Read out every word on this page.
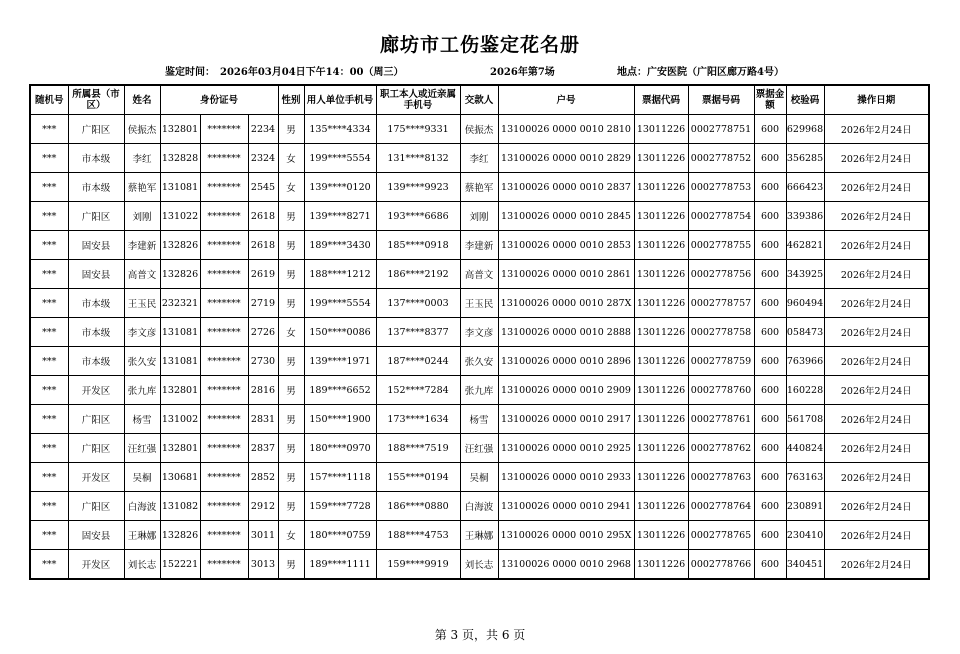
廊坊市工伤鉴定花名册
鉴定时间：　2026年03月04日下午14：00（周三）	2026年第7场	地点：广安医院（广阳区廊万路4号）
随机号	所属县（市区）	姓名	身份证号			性别	用人单位手机号	职工本人或近亲属手机号	交款人	户号	票据代码	票据号码	票据金额	校验码	操作日期
***	广阳区	侯振杰	132801	*******	2234	男	135****4334	175****9331	侯振杰	13100026 0000 0010 2810	13011226	0002778751	600	629968	2026年2月24日
***	市本级	李红	132828	*******	2324	女	199****5554	131****8132	李红	13100026 0000 0010 2829	13011226	0002778752	600	356285	2026年2月24日
***	市本级	蔡艳军	131081	*******	2545	女	139****0120	139****9923	蔡艳军	13100026 0000 0010 2837	13011226	0002778753	600	666423	2026年2月24日
***	广阳区	刘刚	131022	*******	2618	男	139****8271	193****6686	刘刚	13100026 0000 0010 2845	13011226	0002778754	600	339386	2026年2月24日
***	固安县	李建新	132826	*******	2618	男	189****3430	185****0918	李建新	13100026 0000 0010 2853	13011226	0002778755	600	462821	2026年2月24日
***	固安县	高普文	132826	*******	2619	男	188****1212	186****2192	高普文	13100026 0000 0010 2861	13011226	0002778756	600	343925	2026年2月24日
***	市本级	王玉民	232321	*******	2719	男	199****5554	137****0003	王玉民	13100026 0000 0010 287X	13011226	0002778757	600	960494	2026年2月24日
***	市本级	李文彦	131081	*******	2726	女	150****0086	137****8377	李文彦	13100026 0000 0010 2888	13011226	0002778758	600	058473	2026年2月24日
***	市本级	张久安	131081	*******	2730	男	139****1971	187****0244	张久安	13100026 0000 0010 2896	13011226	0002778759	600	763966	2026年2月24日
***	开发区	张九库	132801	*******	2816	男	189****6652	152****7284	张九库	13100026 0000 0010 2909	13011226	0002778760	600	160228	2026年2月24日
***	广阳区	杨雪	131002	*******	2831	男	150****1900	173****1634	杨雪	13100026 0000 0010 2917	13011226	0002778761	600	561708	2026年2月24日
***	广阳区	汪红强	132801	*******	2837	男	180****0970	188****7519	汪红强	13100026 0000 0010 2925	13011226	0002778762	600	440824	2026年2月24日
***	开发区	吴桐	130681	*******	2852	男	157****1118	155****0194	吴桐	13100026 0000 0010 2933	13011226	0002778763	600	763163	2026年2月24日
***	广阳区	白海波	131082	*******	2912	男	159****7728	186****0880	白海波	13100026 0000 0010 2941	13011226	0002778764	600	230891	2026年2月24日
***	固安县	王琳娜	132826	*******	3011	女	180****0759	188****4753	王琳娜	13100026 0000 0010 295X	13011226	0002778765	600	230410	2026年2月24日
***	开发区	刘长志	152221	*******	3013	男	189****1111	159****9919	刘长志	13100026 0000 0010 2968	13011226	0002778766	600	340451	2026年2月24日
第 3 页，共 6 页
